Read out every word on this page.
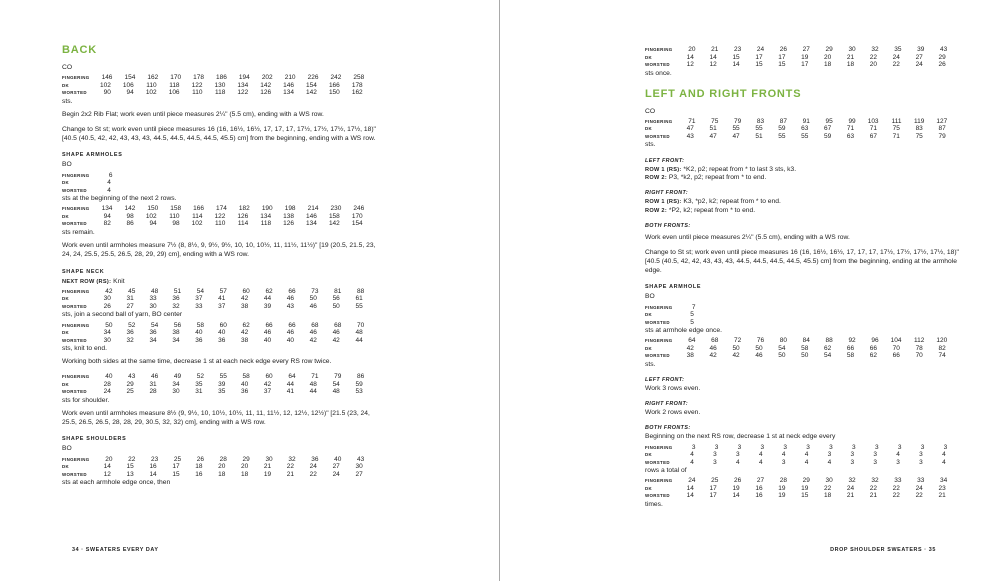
BACK
CO
FINGERING	146	154	162	170	178	186	194	202	210	226	242	258
DK	102	106	110	118	122	130	134	142	146	154	166	178
WORSTED	90	94	102	106	110	118	122	126	134	142	150	162
sts.
Begin 2x2 Rib Flat; work even until piece measures 2¼" (5.5 cm), ending with a WS row.
Change to St st; work even until piece measures 16 (16, 16½, 16½, 17, 17, 17, 17½, 17½, 17½, 17½, 18)" [40.5 (40.5, 42, 42, 43, 43, 43, 44.5, 44.5, 44.5, 44.5, 45.5) cm] from the beginning, ending with a WS row.
SHAPE ARMHOLES
BO
FINGERING	6
DK	4
WORSTED	4
sts at the beginning of the next 2 rows.
FINGERING	134	142	150	158	166	174	182	190	198	214	230	246
DK	94	98	102	110	114	122	126	134	138	146	158	170
WORSTED	82	86	94	98	102	110	114	118	126	134	142	154
sts remain.
Work even until armholes measure 7½ (8, 8½, 9, 9½, 9½, 10, 10, 10½, 11, 11½, 11½)" [19 (20.5, 21.5, 23, 24, 24, 25.5, 25.5, 26.5, 28, 29, 29) cm], ending with a WS row.
SHAPE NECK
NEXT ROW (RS): Knit
FINGERING	42	45	48	51	54	57	60	62	66	73	81	88
DK	30	31	33	36	37	41	42	44	46	50	56	61
WORSTED	26	27	30	32	33	37	38	39	43	46	50	55
sts, join a second ball of yarn, BO center
FINGERING	50	52	54	56	58	60	62	66	66	68	68	70
DK	34	36	36	38	40	40	42	46	46	46	46	48
WORSTED	30	32	34	34	36	36	38	40	40	42	42	44
sts, knit to end.
Working both sides at the same time, decrease 1 st at each neck edge every RS row twice.
FINGERING	40	43	46	49	52	55	58	60	64	71	79	86
DK	28	29	31	34	35	39	40	42	44	48	54	59
WORSTED	24	25	28	30	31	35	36	37	41	44	48	53
sts for shoulder.
Work even until armholes measure 8½ (9, 9½, 10, 10½, 10½, 11, 11, 11½, 12, 12½, 12½)" [21.5 (23, 24, 25.5, 26.5, 26.5, 28, 28, 29, 30.5, 32, 32) cm], ending with a WS row.
SHAPE SHOULDERS
BO
FINGERING	20	22	23	25	26	28	29	30	32	36	40	43
DK	14	15	16	17	18	20	20	21	22	24	27	30
WORSTED	12	13	14	15	16	18	18	19	21	22	24	27
sts at each armhole edge once, then
FINGERING	20	21	23	24	26	27	29	30	32	35	39	43
DK	14	14	15	17	17	19	20	21	22	24	27	29
WORSTED	12	12	14	15	15	17	18	18	20	22	24	26
sts once.
LEFT AND RIGHT FRONTS
CO
FINGERING	71	75	79	83	87	91	95	99	103	111	119	127
DK	47	51	55	55	59	63	67	71	71	75	83	87
WORSTED	43	47	47	51	55	55	59	63	67	71	75	79
sts.
LEFT FRONT:
ROW 1 (RS): *K2, p2; repeat from * to last 3 sts, k3.
ROW 2: P3, *k2, p2; repeat from * to end.
RIGHT FRONT:
ROW 1 (RS): K3, *p2, k2; repeat from * to end.
ROW 2: *P2, k2; repeat from * to end.
BOTH FRONTS:
Work even until piece measures 2¼" (5.5 cm), ending with a WS row.
Change to St st; work even until piece measures 16 (16, 16½, 16½, 17, 17, 17, 17½, 17½, 17½, 17½, 18)" [40.5 (40.5, 42, 42, 43, 43, 43, 44.5, 44.5, 44.5, 44.5, 45.5) cm] from the beginning, ending at the armhole edge.
SHAPE ARMHOLE
BO
FINGERING	7
DK	5
WORSTED	5
sts at armhole edge once.
FINGERING	64	68	72	76	80	84	88	92	96	104	112	120
DK	42	46	50	50	54	58	62	66	66	70	78	82
WORSTED	38	42	42	46	50	50	54	58	62	66	70	74
sts.
LEFT FRONT:
Work 3 rows even.
RIGHT FRONT:
Work 2 rows even.
BOTH FRONTS:
Beginning on the next RS row, decrease 1 st at neck edge every
FINGERING	3	3	3	3	3	3	3	3	3	3	3	3
DK	4	3	3	4	4	4	3	3	3	4	3	4
WORSTED	4	3	4	4	3	4	4	3	3	3	3	4
rows a total of
FINGERING	24	25	26	27	28	29	30	32	32	33	33	34
DK	14	17	19	16	19	19	22	24	22	22	24	23
WORSTED	14	17	14	16	19	15	18	21	21	22	22	21
times.
34 · SWEATERS EVERY DAY	DROP SHOULDER SWEATERS · 35
